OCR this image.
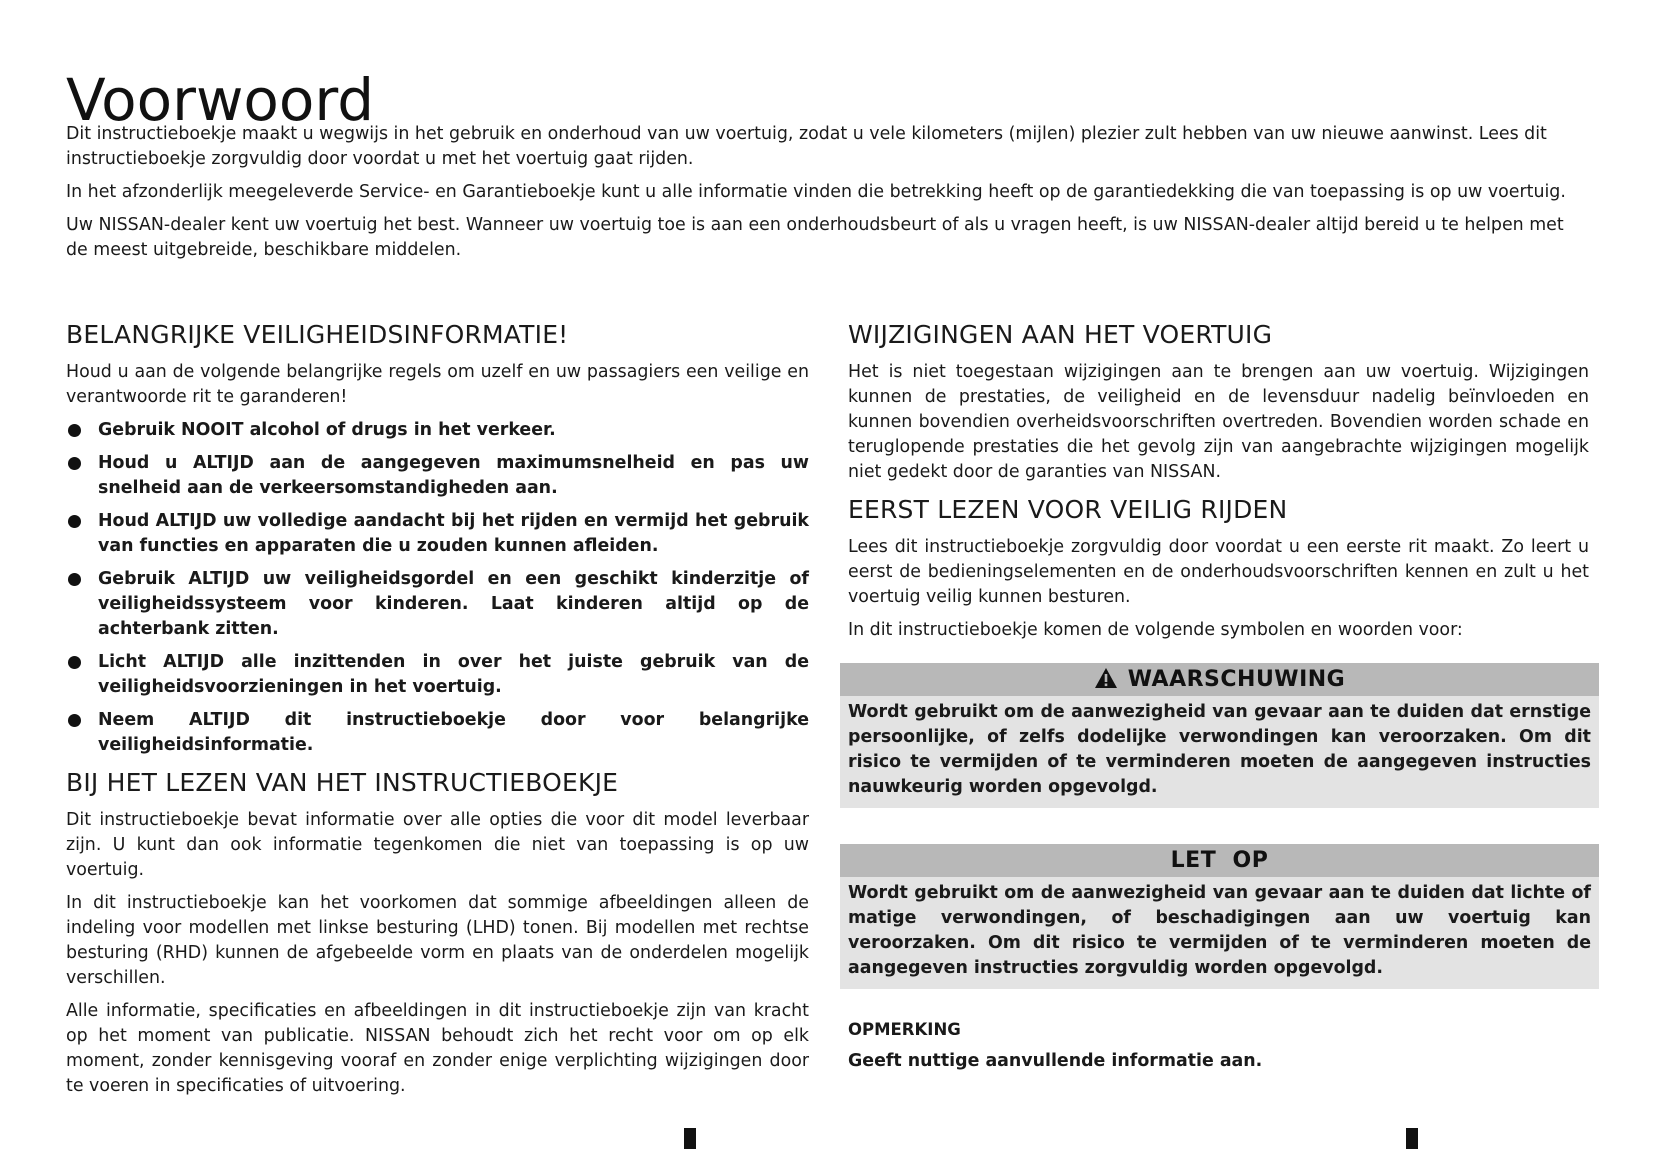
Voorwoord

Dit instructieboekje maakt u wegwijs in het gebruik en onderhoud van uw voertuig, zodat u vele kilometers (mijlen) plezier zult hebben van uw nieuwe aanwinst. Lees dit instructieboekje zorgvuldig door voordat u met het voertuig gaat rijden.

In het afzonderlijk meegeleverde Service- en Garantieboekje kunt u alle informatie vinden die betrekking heeft op de garantiedekking die van toepassing is op uw voertuig.

Uw NISSAN-dealer kent uw voertuig het best. Wanneer uw voertuig toe is aan een onderhoudsbeurt of als u vragen heeft, is uw NISSAN-dealer altijd bereid u te helpen met de meest uitgebreide, beschikbare middelen.

BELANGRIJKE VEILIGHEIDSINFORMATIE!

Houd u aan de volgende belangrijke regels om uzelf en uw passagiers een veilige en verantwoorde rit te garanderen!

Gebruik NOOIT alcohol of drugs in het verkeer.
Houd u ALTIJD aan de aangegeven maximumsnelheid en pas uw snelheid aan de verkeersomstandigheden aan.
Houd ALTIJD uw volledige aandacht bij het rijden en vermijd het gebruik van functies en apparaten die u zouden kunnen afleiden.
Gebruik ALTIJD uw veiligheidsgordel en een geschikt kinderzitje of veiligheidssysteem voor kinderen. Laat kinderen altijd op de achterbank zitten.
Licht ALTIJD alle inzittenden in over het juiste gebruik van de veiligheidsvoorzieningen in het voertuig.
Neem ALTIJD dit instructieboekje door voor belangrijke veiligheidsinformatie.
BIJ HET LEZEN VAN HET INSTRUCTIEBOEKJE

Dit instructieboekje bevat informatie over alle opties die voor dit model leverbaar zijn. U kunt dan ook informatie tegenkomen die niet van toepassing is op uw voertuig.

In dit instructieboekje kan het voorkomen dat sommige afbeeldingen alleen de indeling voor modellen met linkse besturing (LHD) tonen. Bij modellen met rechtse besturing (RHD) kunnen de afgebeelde vorm en plaats van de onderdelen mogelijk verschillen.

Alle informatie, specificaties en afbeeldingen in dit instructieboekje zijn van kracht op het moment van publicatie. NISSAN behoudt zich het recht voor om op elk moment, zonder kennisgeving vooraf en zonder enige verplichting wijzigingen door te voeren in specificaties of uitvoering.

WIJZIGINGEN AAN HET VOERTUIG

Het is niet toegestaan wijzigingen aan te brengen aan uw voertuig. Wijzigingen kunnen de prestaties, de veiligheid en de levensduur nadelig beïnvloeden en kunnen bovendien overheidsvoorschriften overtreden. Bovendien worden schade en teruglopende prestaties die het gevolg zijn van aangebrachte wijzigingen mogelijk niet gedekt door de garanties van NISSAN.

EERST LEZEN VOOR VEILIG RIJDEN

Lees dit instructieboekje zorgvuldig door voordat u een eerste rit maakt. Zo leert u eerst de bedieningselementen en de onderhoudsvoorschriften kennen en zult u het voertuig veilig kunnen besturen.

In dit instructieboekje komen de volgende symbolen en woorden voor:

WAARSCHUWING
Wordt gebruikt om de aanwezigheid van gevaar aan te duiden dat ernstige persoonlijke, of zelfs dodelijke verwondingen kan veroorzaken. Om dit risico te vermijden of te verminderen moeten de aangegeven instructies nauwkeurig worden opgevolgd.
LET  OP
Wordt gebruikt om de aanwezigheid van gevaar aan te duiden dat lichte of matige verwondingen, of beschadigingen aan uw voertuig kan veroorzaken. Om dit risico te vermijden of te verminderen moeten de aangegeven instructies zorgvuldig worden opgevolgd.
OPMERKING
Geeft nuttige aanvullende informatie aan.
